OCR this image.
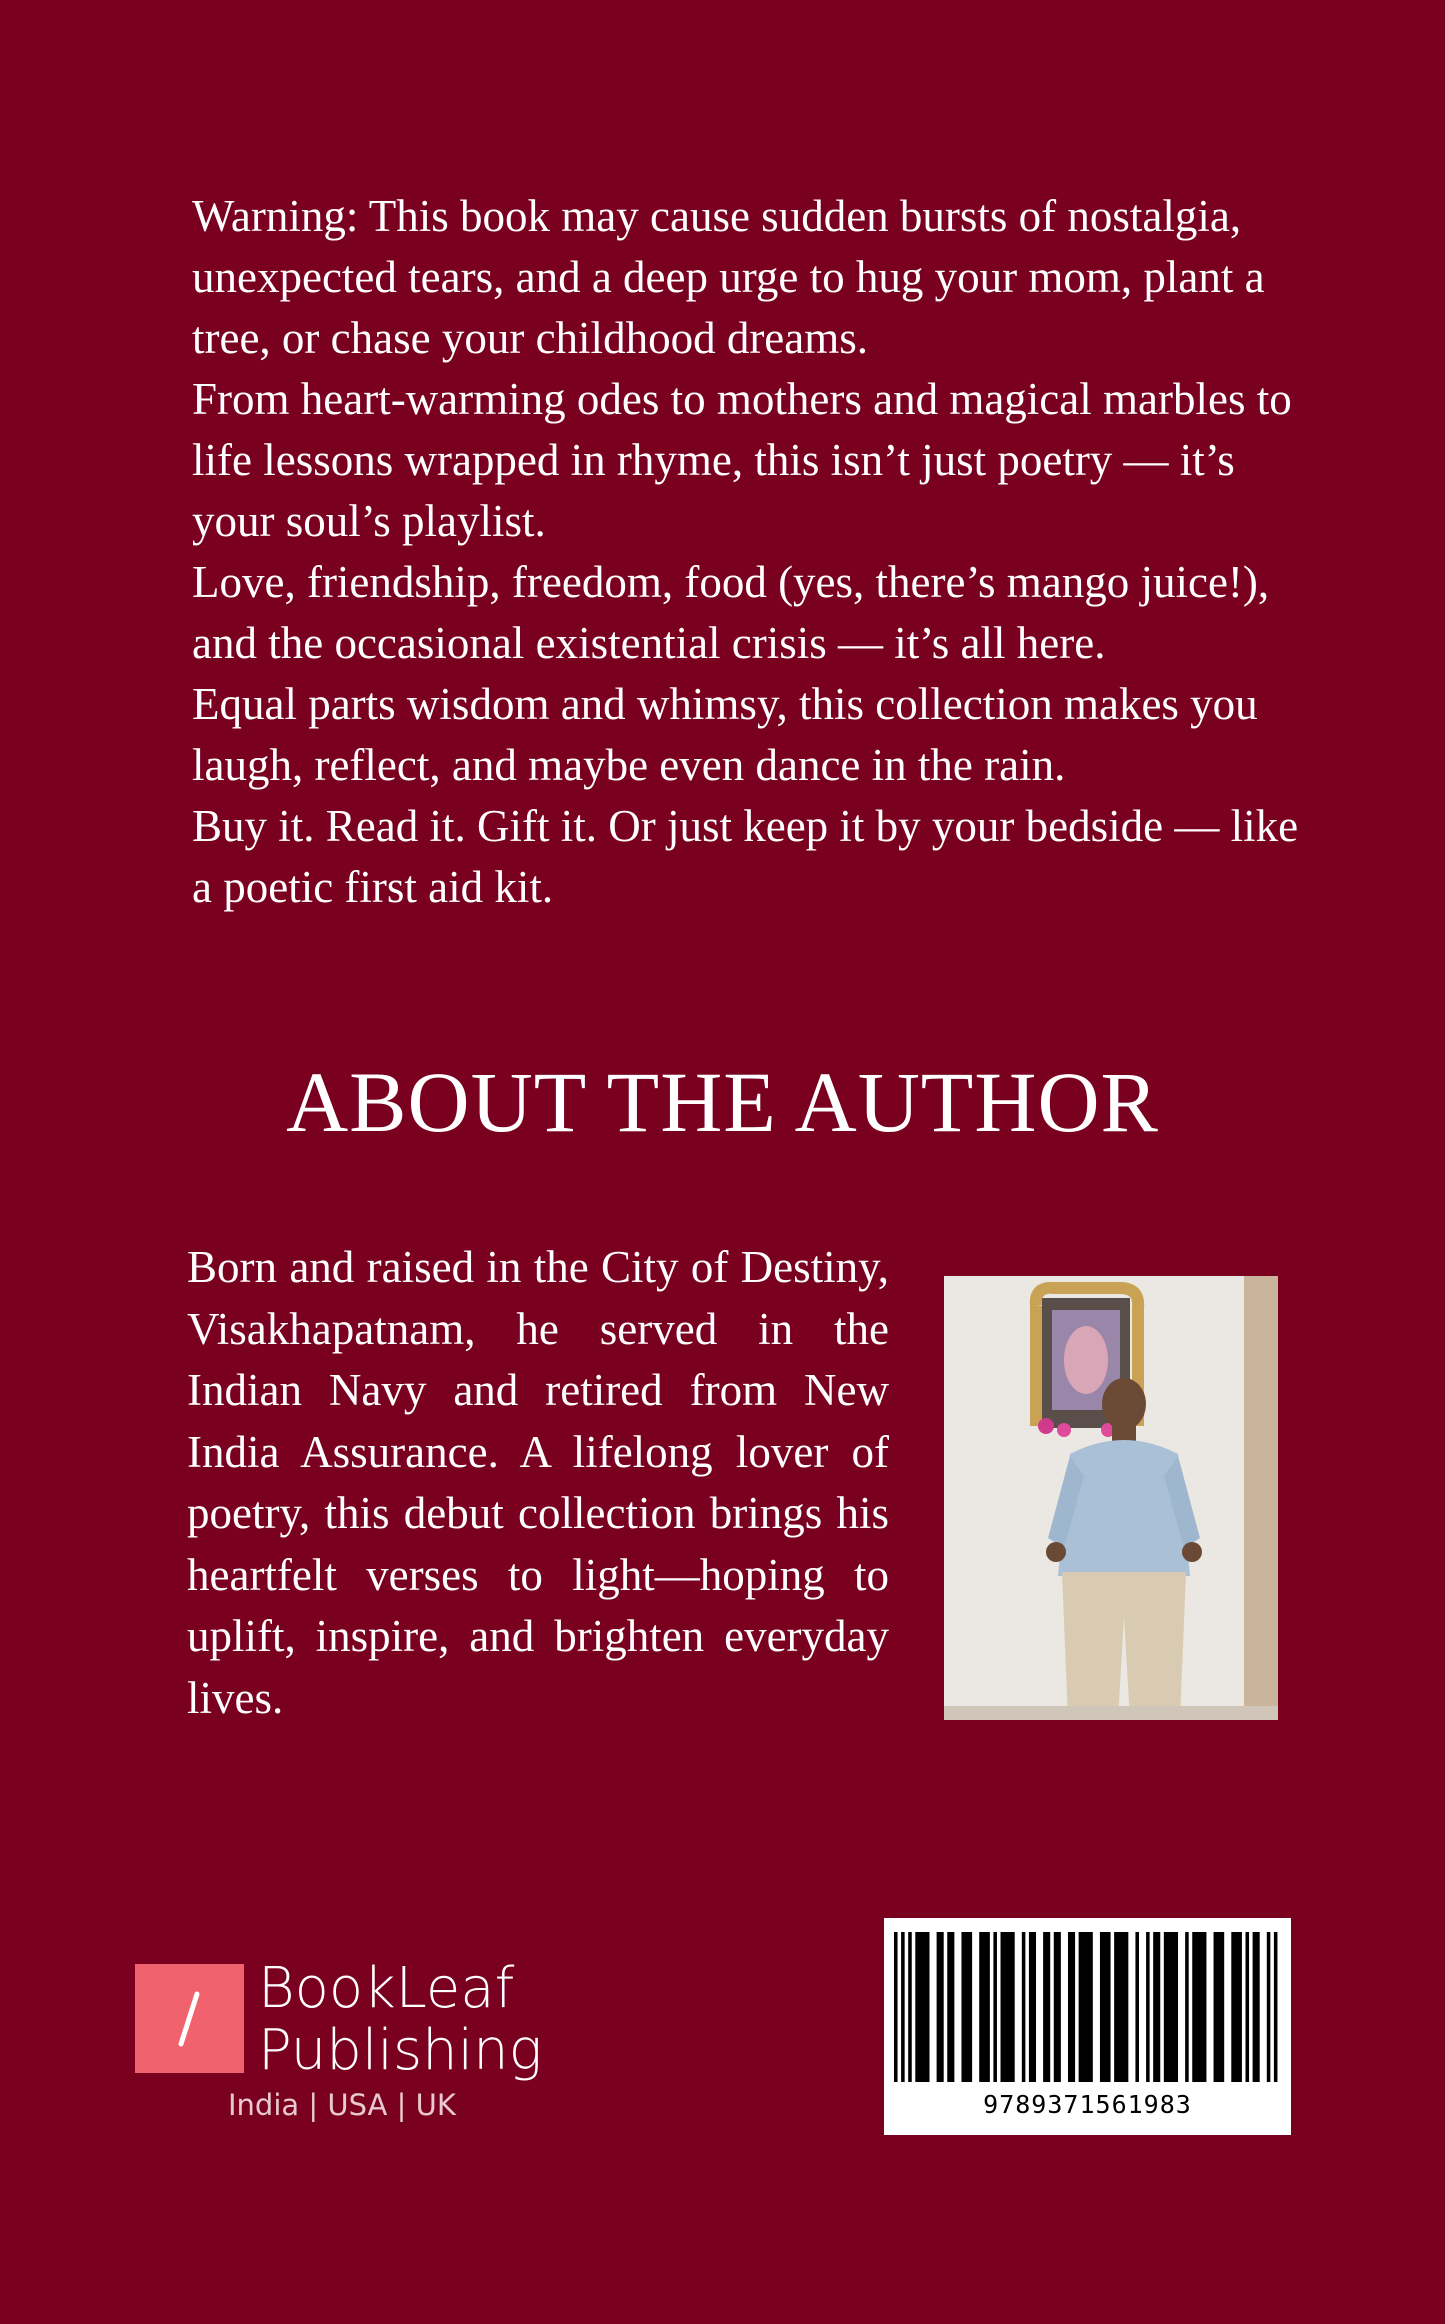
Warning: This book may cause sudden bursts of nostalgia, unexpected tears, and a deep urge to hug your mom, plant a tree, or chase your childhood dreams.

From heart-warming odes to mothers and magical marbles to life lessons wrapped in rhyme, this isn’t just poetry — it’s your soul’s playlist.

Love, friendship, freedom, food (yes, there’s mango juice!), and the occasional existential crisis — it’s all here.

Equal parts wisdom and whimsy, this collection makes you laugh, reflect, and maybe even dance in the rain.

Buy it. Read it. Gift it. Or just keep it by your bedside — like a poetic first aid kit.

ABOUT THE AUTHOR
Born and raised in the City of Destiny, Visakhapatnam, he served in the Indian Navy and retired from New India Assurance. A lifelong lover of poetry, this debut collection brings his heartfelt verses to light—hoping to uplift, inspire, and brighten everyday lives.
BookLeaf
Publishing
India | USA | UK	9789371561983
